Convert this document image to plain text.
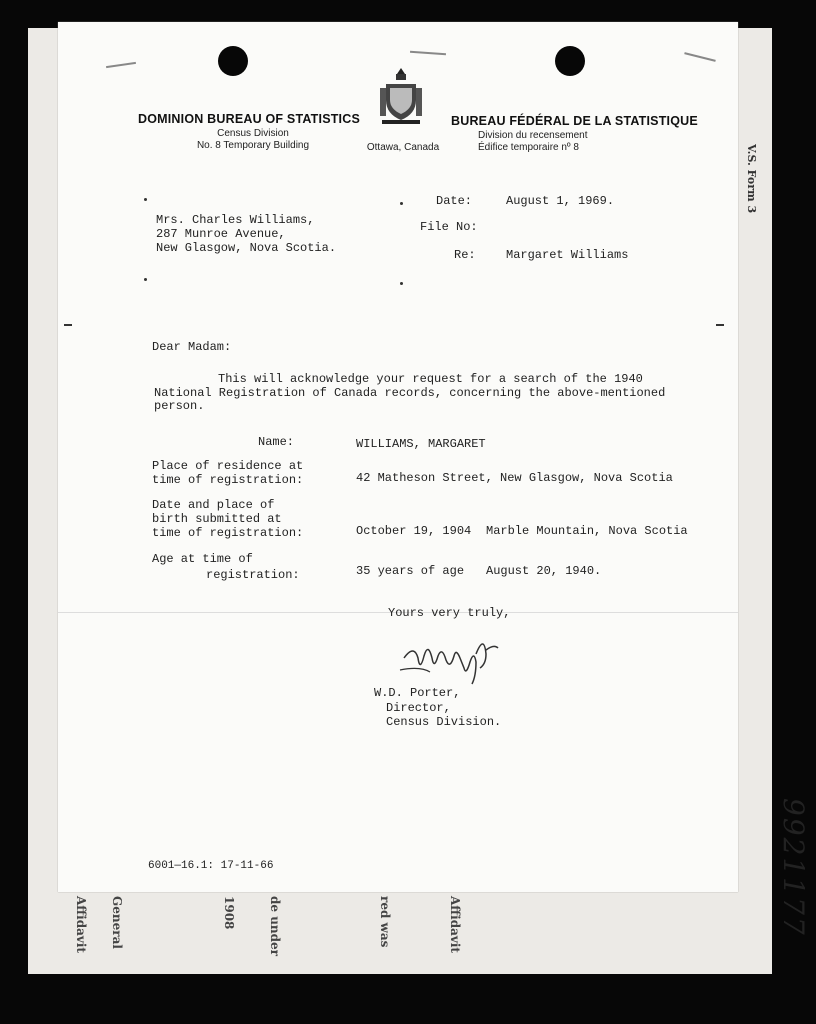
V.S. Form 3
9921177
Affidavit General	1908	de under	red was	Affidavit
DOMINION BUREAU OF STATISTICS
Census Division
No. 8 Temporary Building	Ottawa, Canada
BUREAU FÉDÉRAL DE LA STATISTIQUE
Division du recensement
Édifice temporaire nº 8
Date:	August 1, 1969.
File No:
Re:	Margaret Williams
Mrs. Charles Williams,
287 Munroe Avenue,
New Glasgow, Nova Scotia.
Dear Madam:
This will acknowledge your request for a search of the 1940
National Registration of Canada records, concerning the above-mentioned
person.
Name:	WILLIAMS, MARGARET
Place of residence at
time of registration:	42 Matheson Street, New Glasgow, Nova Scotia
Date and place of
birth submitted at
time of registration:	October 19, 1904 Marble Mountain, Nova Scotia
Age at time of
registration:	35 years of age August 20, 1940.
Yours very truly,
W.D. Porter,
Director,
Census Division.
6001—16.1: 17-11-66
